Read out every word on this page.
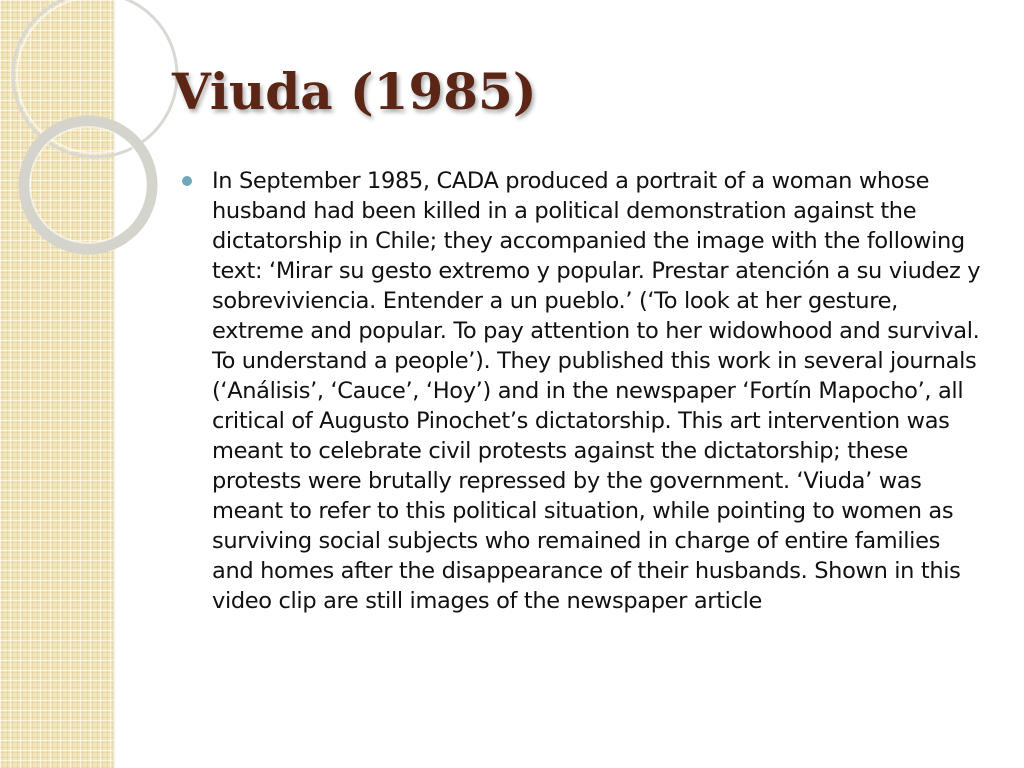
Viuda (1985)

In September 1985, CADA produced a portrait of a woman whose husband had been killed in a political demonstration against the dictatorship in Chile; they accompanied the image with the following text: ‘Mirar su gesto extremo y popular. Prestar atención a su viudez y sobreviviencia. Entender a un pueblo.’ (‘To look at her gesture, extreme and popular. To pay attention to her widowhood and survival. To understand a people’). They published this work in several journals (‘Análisis’, ‘Cauce’, ‘Hoy’) and in the newspaper ‘Fortín Mapocho’, all critical of Augusto Pinochet’s dictatorship. This art intervention was meant to celebrate civil protests against the dictatorship; these protests were brutally repressed by the government. ‘Viuda’ was meant to refer to this political situation, while pointing to women as surviving social subjects who remained in charge of entire families and homes after the disappearance of their husbands. Shown in this video clip are still images of the newspaper article
